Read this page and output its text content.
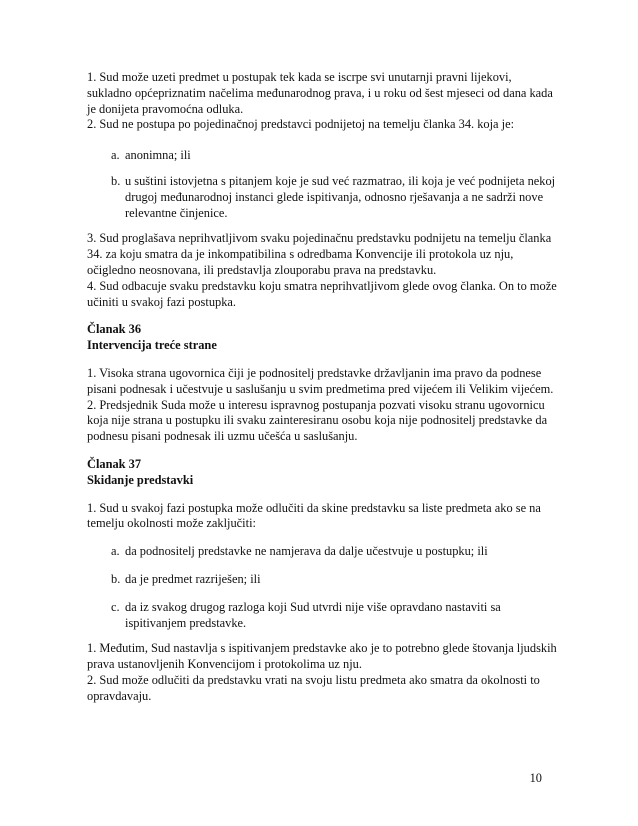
1. Sud može uzeti predmet u postupak tek kada se iscrpe svi unutarnji pravni lijekovi, sukladno općepriznatim načelima međunarodnog prava, i u roku od šest mjeseci od dana kada je donijeta pravomoćna odluka.

2. Sud ne postupa po pojedinačnoj predstavci podnijetoj na temelju članka 34. koja je:

a. anonimna; ili
b. u suštini istovjetna s pitanjem koje je sud već razmatrao, ili koja je već podnijeta nekoj drugoj međunarodnoj instanci glede ispitivanja, odnosno rješavanja a ne sadrži nove relevantne činjenice.

3. Sud proglašava neprihvatljivom svaku pojedinačnu predstavku podnijetu na temelju članka 34. za koju smatra da je inkompatibilina s odredbama Konvencije ili protokola uz nju, očigledno neosnovana, ili predstavlja zlouporabu prava na predstavku.

4. Sud odbacuje svaku predstavku koju smatra neprihvatljivom glede ovog članka. On to može učiniti u svakoj fazi postupka.

Članak 36

Intervencija treće strane

1. Visoka strana ugovornica čiji je podnositelj predstavke državljanin ima pravo da podnese pisani podnesak i učestvuje u saslušanju u svim predmetima pred vijećem ili Velikim vijećem.

2. Predsjednik Suda može u interesu ispravnog postupanja pozvati visoku stranu ugovornicu koja nije strana u postupku ili svaku zainteresiranu osobu koja nije podnositelj predstavke da podnesu pisani podnesak ili uzmu učešća u saslušanju.

Članak 37

Skidanje predstavki

1. Sud u svakoj fazi postupka može odlučiti da skine predstavku sa liste predmeta ako se na temelju okolnosti može zaključiti:

a. da podnositelj predstavke ne namjerava da dalje učestvuje u postupku; ili
b. da je predmet razriješen; ili
c. da iz svakog drugog razloga koji Sud utvrdi nije više opravdano nastaviti sa ispitivanjem predstavke.

1. Međutim, Sud nastavlja s ispitivanjem predstavke ako je to potrebno glede štovanja ljudskih prava ustanovljenih Konvencijom i protokolima uz nju.

2. Sud može odlučiti da predstavku vrati na svoju listu predmeta ako smatra da okolnosti to opravdavaju.

10
